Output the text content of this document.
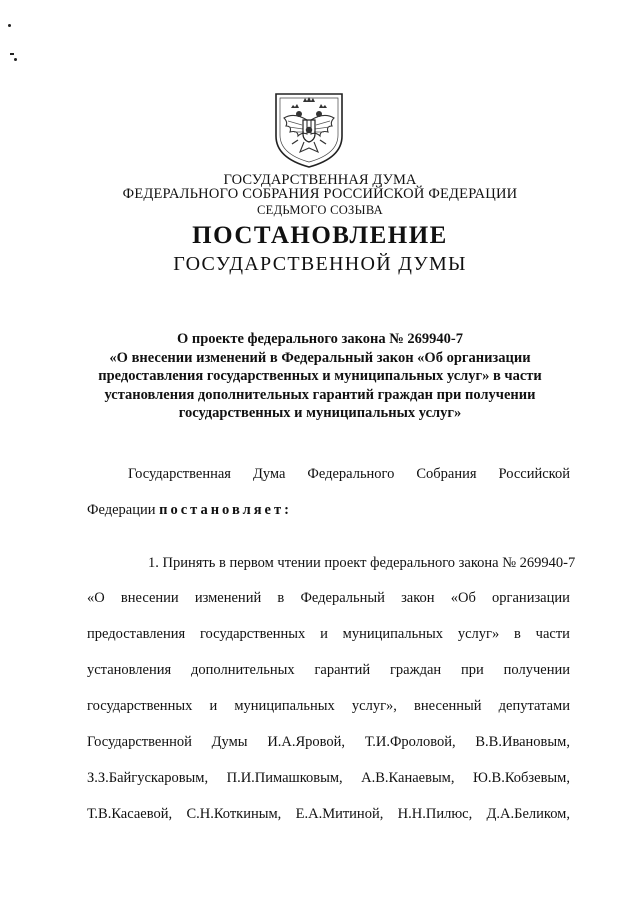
ГОСУДАРСТВЕННАЯ ДУМА
ФЕДЕРАЛЬНОГО СОБРАНИЯ РОССИЙСКОЙ ФЕДЕРАЦИИ
СЕДЬМОГО СОЗЫВА
ПОСТАНОВЛЕНИЕ
ГОСУДАРСТВЕННОЙ ДУМЫ
О проекте федерального закона № 269940-7
«О внесении изменений в Федеральный закон «Об организации
предоставления государственных и муниципальных услуг» в части
установления дополнительных гарантий граждан при получении
государственных и муниципальных услуг»
Государственная Дума Федерального Собрания Российской
Федерации постановляет:
1. Принять в первом чтении проект федерального закона № 269940-7
«О внесении изменений в Федеральный закон «Об организации
предоставления государственных и муниципальных услуг» в части
установления дополнительных гарантий граждан при получении
государственных и муниципальных услуг», внесенный депутатами
Государственной Думы И.А.Яровой, Т.И.Фроловой, В.В.Ивановым,
З.З.Байгускаровым, П.И.Пимашковым, А.В.Канаевым, Ю.В.Кобзевым,
Т.В.Касаевой, С.Н.Коткиным, Е.А.Митиной, Н.Н.Пилюс, Д.А.Беликом,
